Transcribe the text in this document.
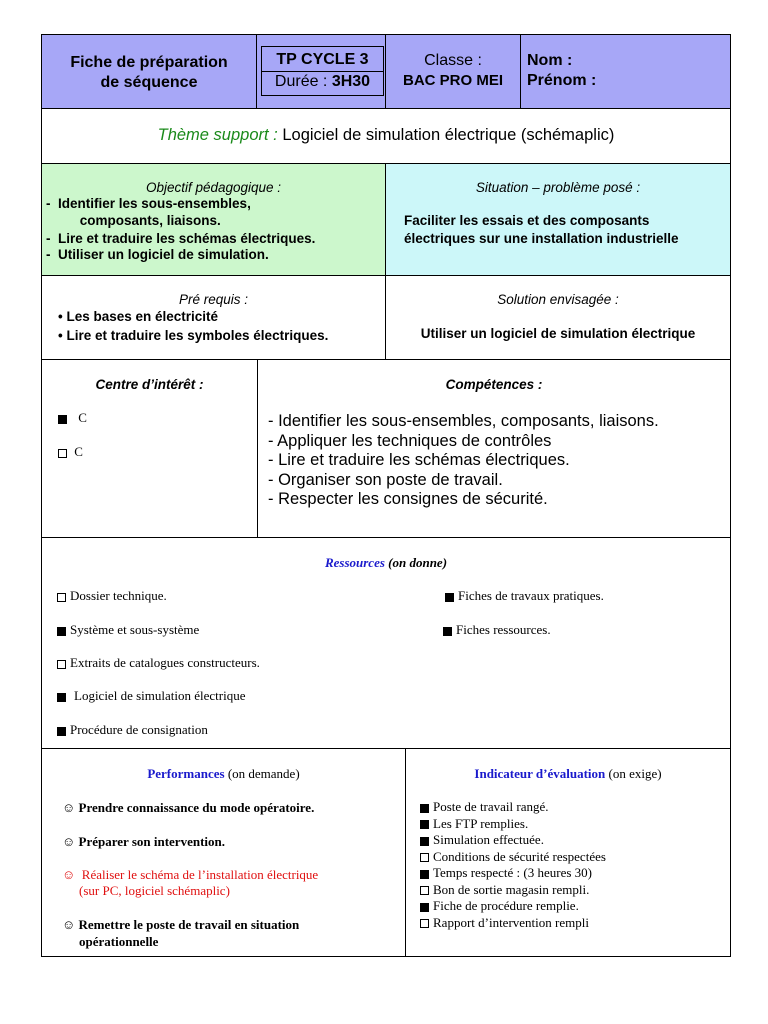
Fiche de préparation
de séquence
TP CYCLE 3
Durée : 3H30
Classe :
BAC PRO MEI
Nom :
Prénom :
Thème support : Logiciel de simulation électrique (schémaplic)
Objectif pédagogique :
-  Identifier les sous-ensembles,
composants, liaisons.
-  Lire et traduire les schémas électriques.
-  Utiliser un logiciel de simulation.
Situation – problème posé :
Faciliter les essais et des composants
électriques sur une installation industrielle
Pré requis :
• Les bases en électricité
• Lire et traduire les symboles électriques.
Solution envisagée :
Utiliser un logiciel de simulation électrique
Centre d’intérêt :
C
C
Compétences :
- Identifier les sous-ensembles, composants, liaisons.
- Appliquer les techniques de contrôles
- Lire et traduire les schémas électriques.
- Organiser son poste de travail.
- Respecter les consignes de sécurité.
Ressources (on donne)
Dossier technique.
Système et sous-système
Extraits de catalogues constructeurs.
Logiciel de simulation électrique
Procédure de consignation
Fiches de travaux pratiques.
Fiches ressources.
Performances (on demande)
☺ Prendre connaissance du mode opératoire.
☺ Préparer son intervention.
☺  Réaliser le schéma de l’installation électrique
(sur PC, logiciel schémaplic)
☺ Remettre le poste de travail en situation
opérationnelle
Indicateur d’évaluation (on exige)
Poste de travail rangé.
Les FTP remplies.
Simulation effectuée.
Conditions de sécurité respectées
Temps respecté : (3 heures 30)
Bon de sortie magasin rempli.
Fiche de procédure remplie.
Rapport d’intervention rempli
